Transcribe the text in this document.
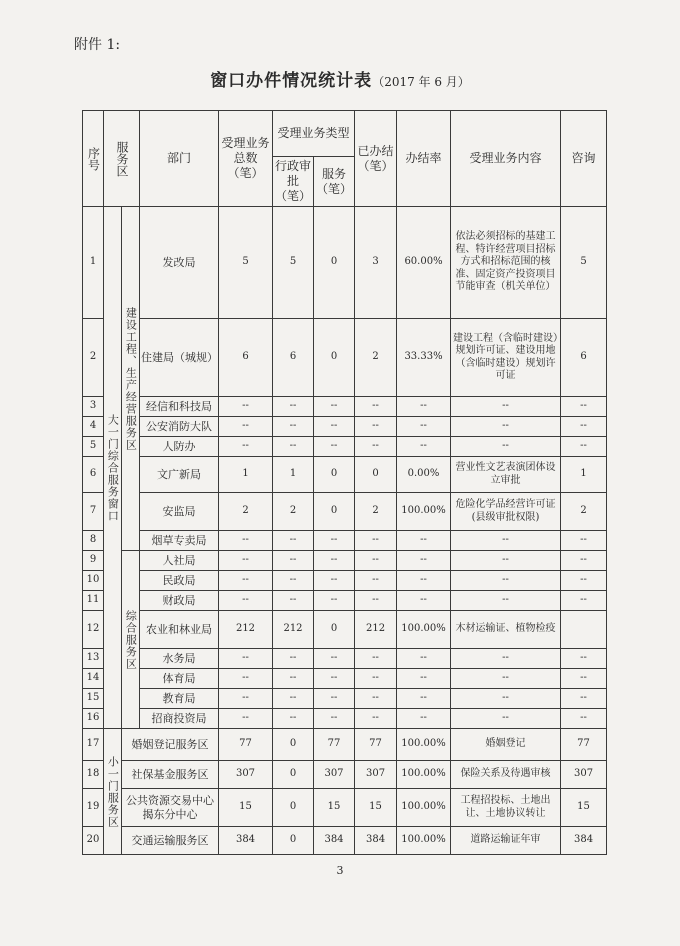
附件 1:
窗口办件情况统计表（2017 年 6 月）
序号	服务区		部门	受理业务总数（笔）	受理业务类型		已办结（笔）	办结率	受理业务内容	咨询
					行政审批（笔）	服务（笔）				
1	大一门综合服务窗口	建设工程、生产经营服务区	发改局	5	5	0	3	60.00%	依法必须招标的基建工程、特许经营项目招标方式和招标范围的核准、固定资产投资项目节能审查（机关单位）	5
2			住建局（城规）	6	6	0	2	33.33%	建设工程（含临时建设）规划许可证、建设用地（含临时建设）规划许可证	6
3			经信和科技局	--	--	--	--	--	--	--
4			公安消防大队	--	--	--	--	--	--	--
5			人防办	--	--	--	--	--	--	--
6			文广新局	1	1	0	0	0.00%	营业性文艺表演团体设立审批	1
7			安监局	2	2	0	2	100.00%	危险化学品经营许可证(县级审批权限)	2
8			烟草专卖局	--	--	--	--	--	--	--
9		综合服务区	人社局	--	--	--	--	--	--	--
10			民政局	--	--	--	--	--	--	--
11			财政局	--	--	--	--	--	--	--
12			农业和林业局	212	212	0	212	100.00%	木材运输证、植物检疫	
13			水务局	--	--	--	--	--	--	--
14			体育局	--	--	--	--	--	--	--
15			教育局	--	--	--	--	--	--	--
16			招商投资局	--	--	--	--	--	--	--
17	小一门服务区	婚姻登记服务区		77	0	77	77	100.00%	婚姻登记	77
18		社保基金服务区		307	0	307	307	100.00%	保险关系及待遇审核	307
19		公共资源交易中心揭东分中心		15	0	15	15	100.00%	工程招投标、土地出让、土地协议转让	15
20		交通运输服务区		384	0	384	384	100.00%	道路运输证年审	384
3
